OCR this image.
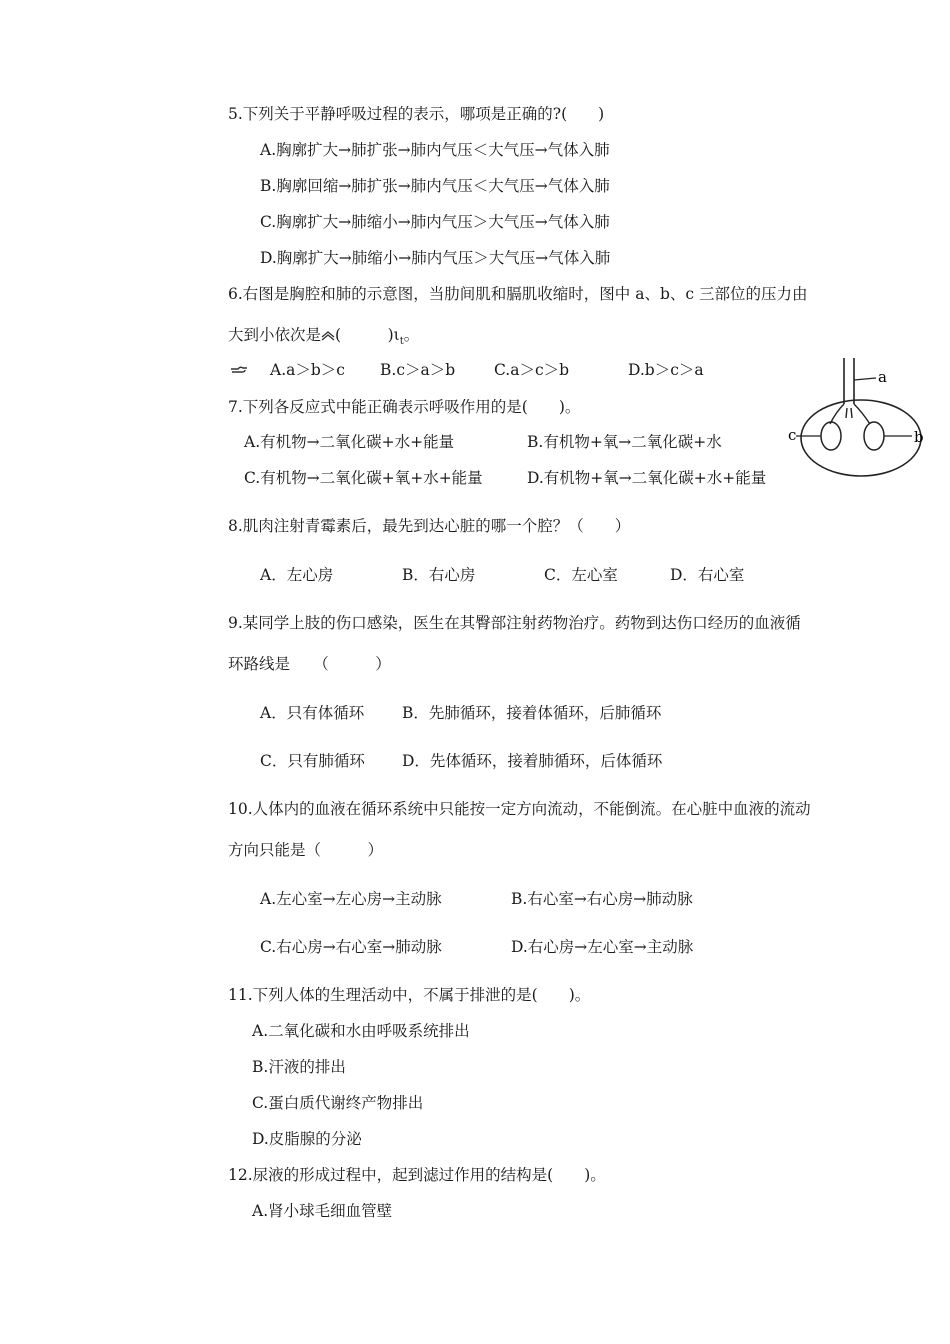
5.下列关于平静呼吸过程的表示，哪项是正确的?(　　)
A.胸廓扩大→肺扩张→肺内气压＜大气压→气体入肺
B.胸廓回缩→肺扩张→肺内气压＜大气压→气体入肺
C.胸廓扩大→肺缩小→肺内气压＞大气压→气体入肺
D.胸廓扩大→肺缩小→肺内气压＞大气压→气体入肺
6.右图是胸腔和肺的示意图，当肋间肌和膈肌收缩时，图中 a、b、c 三部位的压力由
大到小依次是 (　　　)$\iota_t$。
A.a＞b＞c B.c＞a＞b	C.a＞c＞b	D.b＞c＞a	a
c	b
7.下列各反应式中能正确表示呼吸作用的是(　　)。
A.有机物→二氧化碳+水+能量	B.有机物+氧→二氧化碳+水
C.有机物→二氧化碳+氧+水+能量	D.有机物+氧→二氧化碳+水+能量
8.肌肉注射青霉素后，最先到达心脏的哪一个腔？（　　）
A．左心房	B．右心房	C．左心室	D．右心室
9.某同学上肢的伤口感染，医生在其臀部注射药物治疗。药物到达伤口经历的血液循
环路线是　　（　　　）
A．只有体循环 B．先肺循环，接着体循环，后肺循环
C．只有肺循环 D．先体循环，接着肺循环，后体循环
10.人体内的血液在循环系统中只能按一定方向流动，不能倒流。在心脏中血液的流动
方向只能是（　　　）
A.左心室→左心房→主动脉	B.右心室→右心房→肺动脉
C.右心房→右心室→肺动脉	D.右心房→左心室→主动脉
11.下列人体的生理活动中，不属于排泄的是(　　)。
A.二氧化碳和水由呼吸系统排出
B.汗液的排出
C.蛋白质代谢终产物排出
D.皮脂腺的分泌
12.尿液的形成过程中，起到滤过作用的结构是(　　)。
A.肾小球毛细血管壁
